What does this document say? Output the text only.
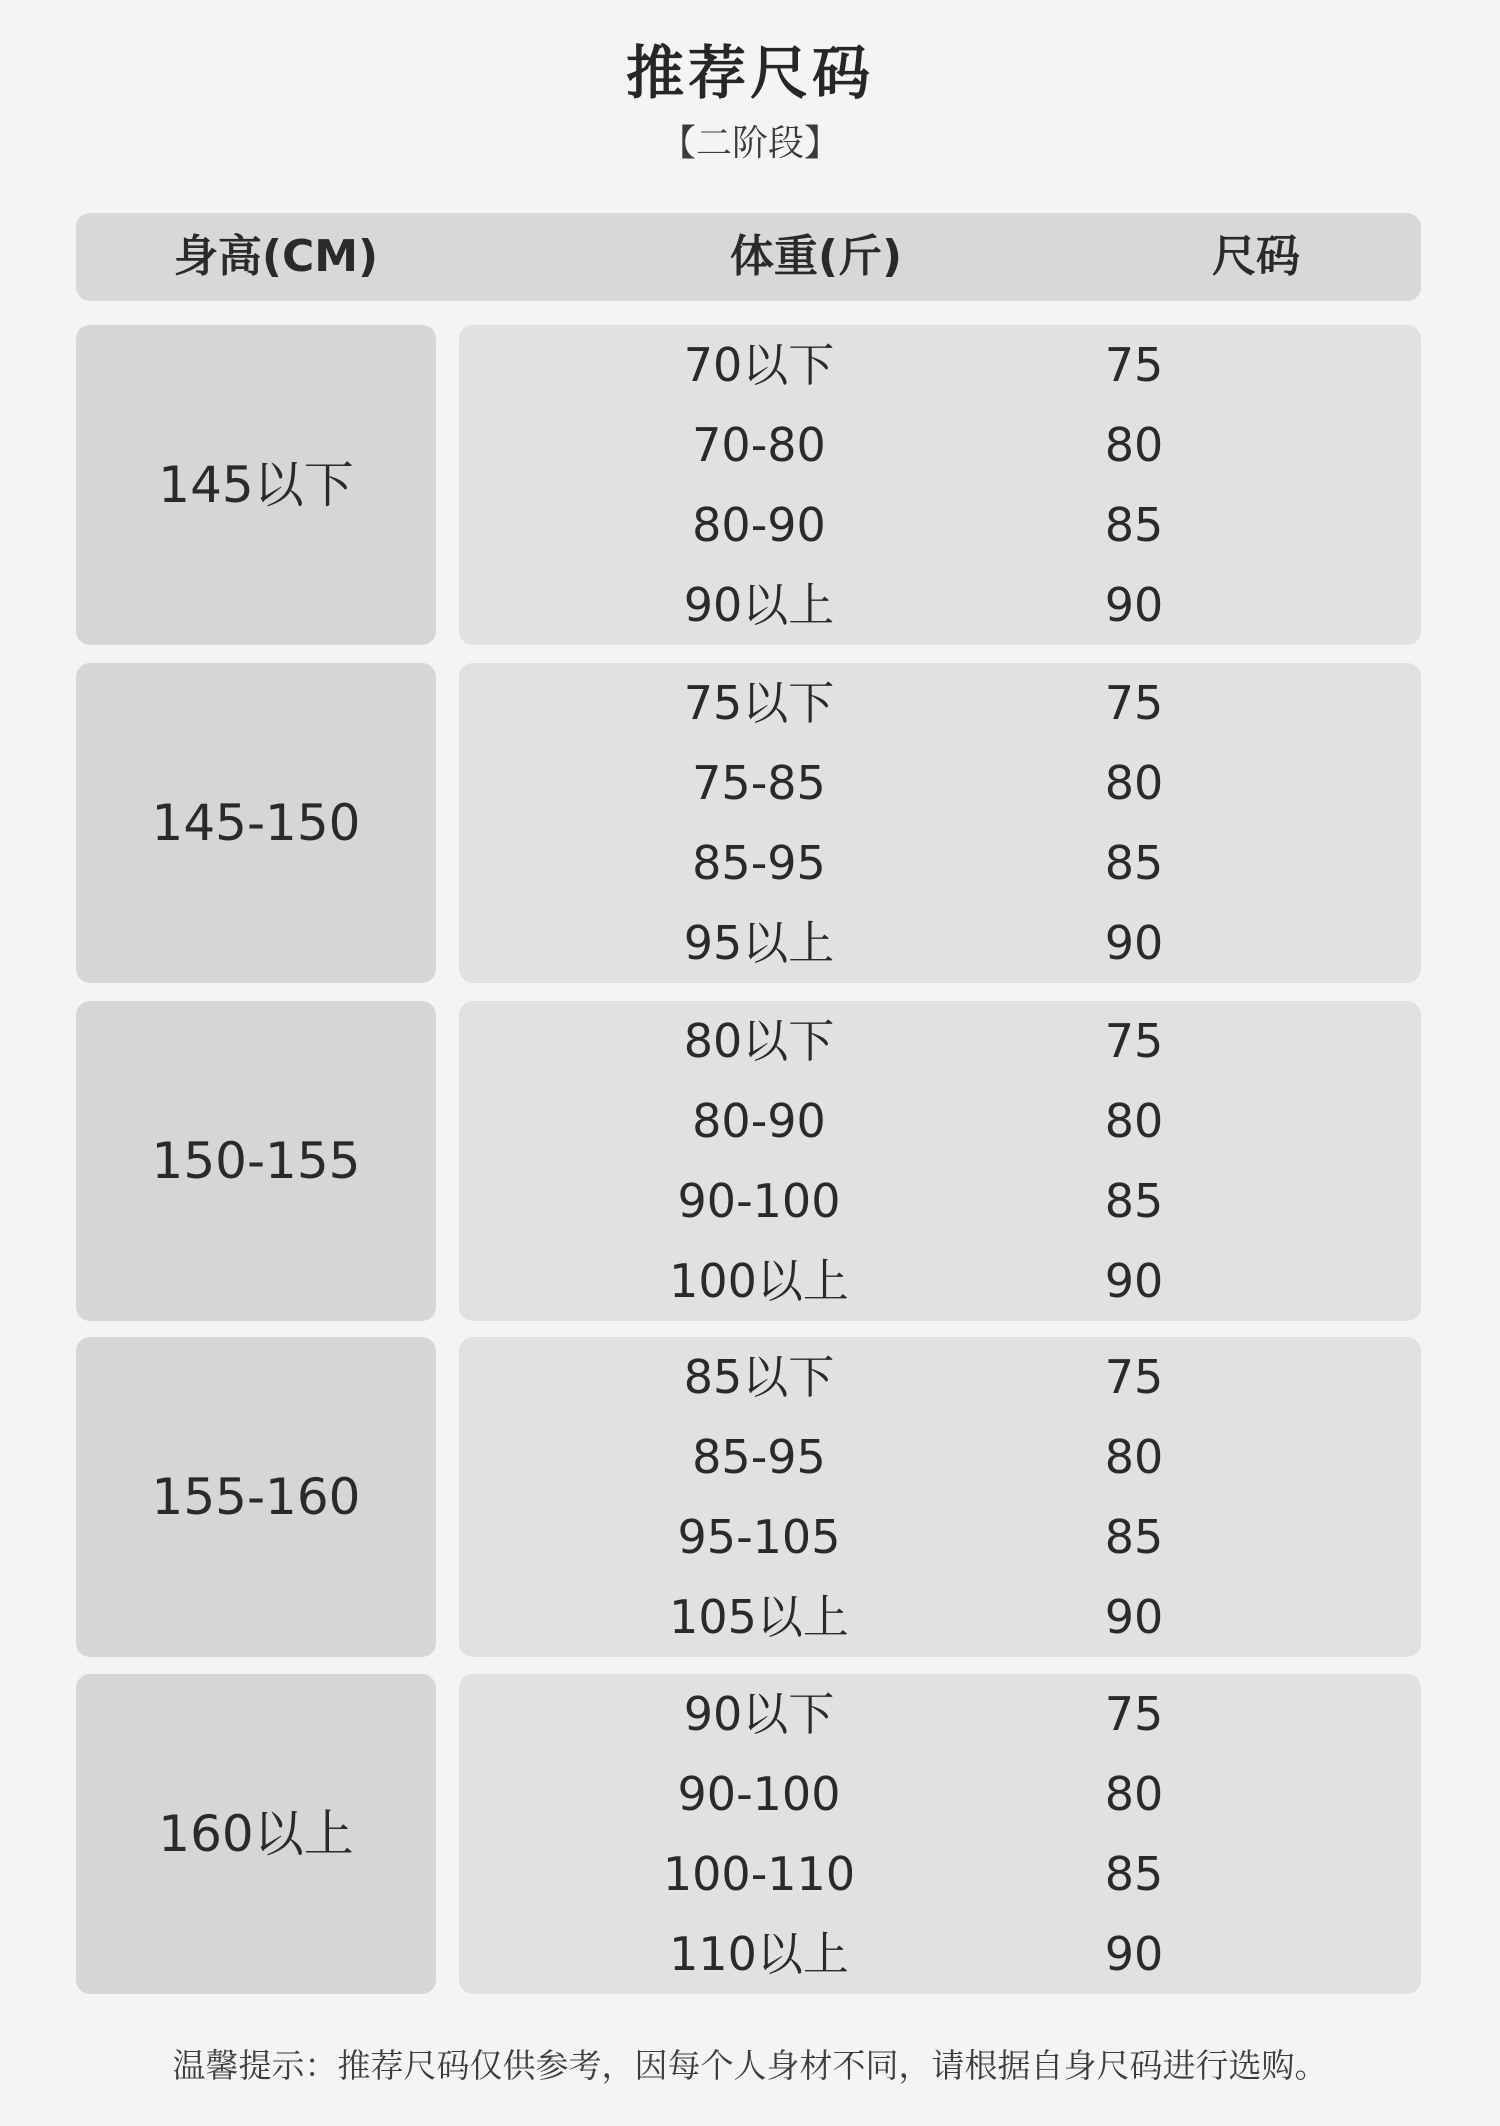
推荐尺码
【二阶段】
身高(CM)	体重(斤)	尺码
145以下
70以下	75
70-80	80
80-90	85
90以上	90
145-150
75以下	75
75-85	80
85-95	85
95以上	90
150-155
80以下	75
80-90	80
90-100	85
100以上	90
155-160
85以下	75
85-95	80
95-105	85
105以上	90
160以上
90以下	75
90-100	80
100-110	85
110以上	90
温馨提示：推荐尺码仅供参考，因每个人身材不同，请根据自身尺码进行选购。
